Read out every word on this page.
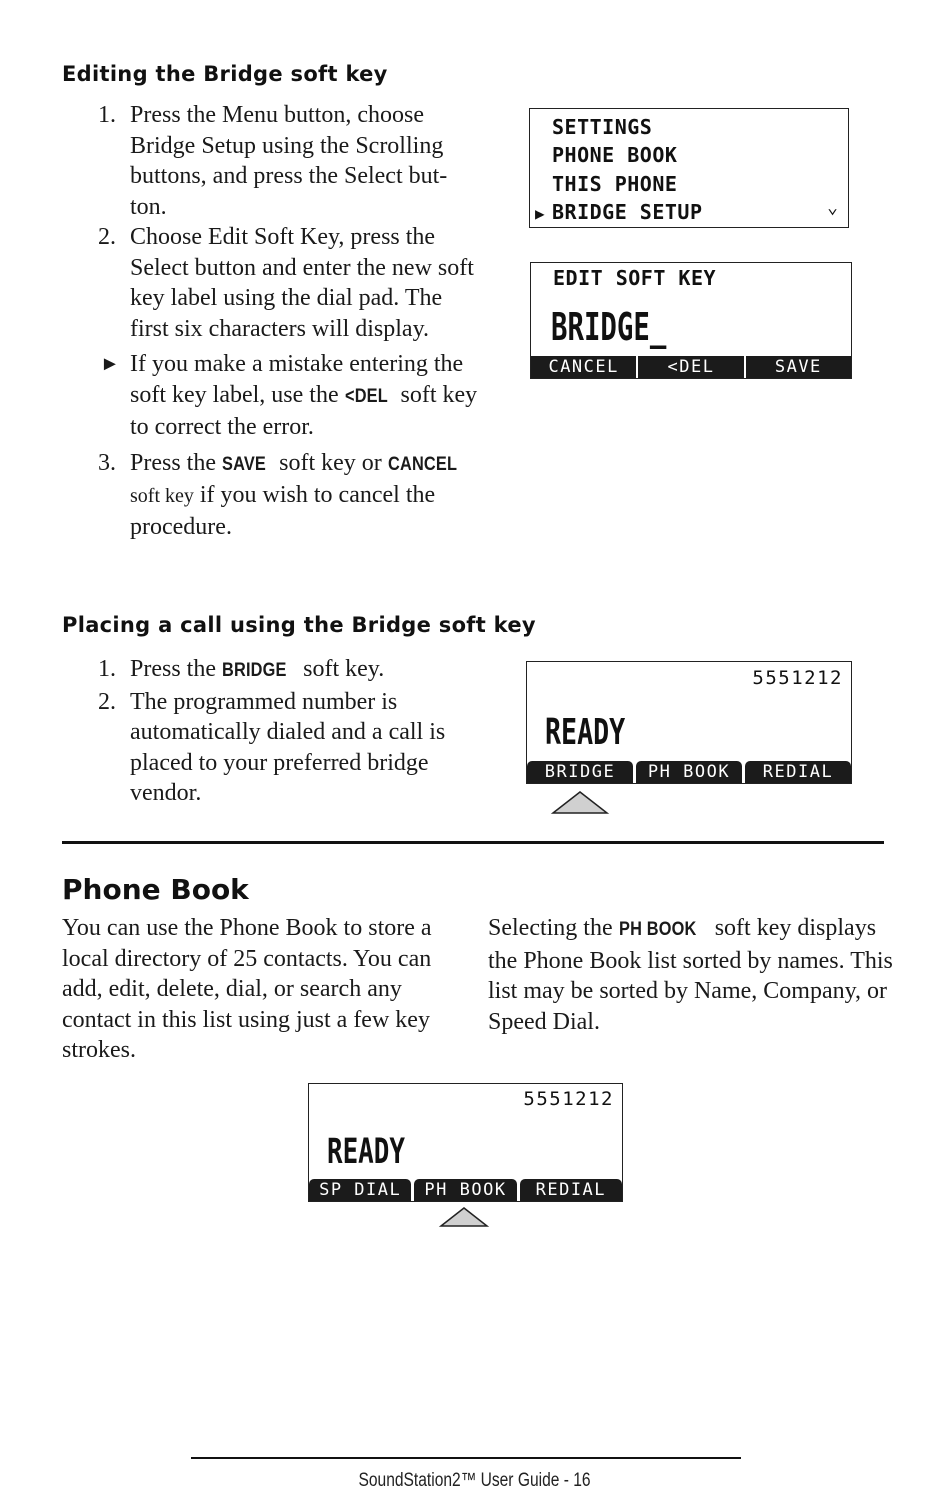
Editing the Bridge soft key
1. Press the Menu button, choose Bridge Setup using the Scrolling buttons, and press the Select but-ton.
2. Choose Edit Soft Key, press the Select button and enter the new soft key label using the dial pad. The first six characters will display.
► If you make a mistake entering the soft key label, use the <DEL soft key to correct the error.
3. Press the SAVE soft key or CANCEL soft key if you wish to cancel the procedure.
SETTINGS
PHONE BOOK
THIS PHONE
▶ BRIDGE SETUP	⌄
EDIT SOFT KEY
BRIDGE_
CANCEL	<DEL	SAVE
Placing a call using the Bridge soft key
1. Press the BRIDGE soft key.
2. The programmed number is automatically dialed and a call is placed to your preferred bridge vendor.
5551212
READY
BRIDGE	PH BOOK	REDIAL
Phone Book
You can use the Phone Book to store a local directory of 25 contacts. You can add, edit, delete, dial, or search any contact in this list using just a few key strokes.
Selecting the PH BOOK soft key displays the Phone Book list sorted by names. This list may be sorted by Name, Company, or Speed Dial.
5551212
READY
SP DIAL	PH BOOK	REDIAL
SoundStation2™ User Guide - 16
